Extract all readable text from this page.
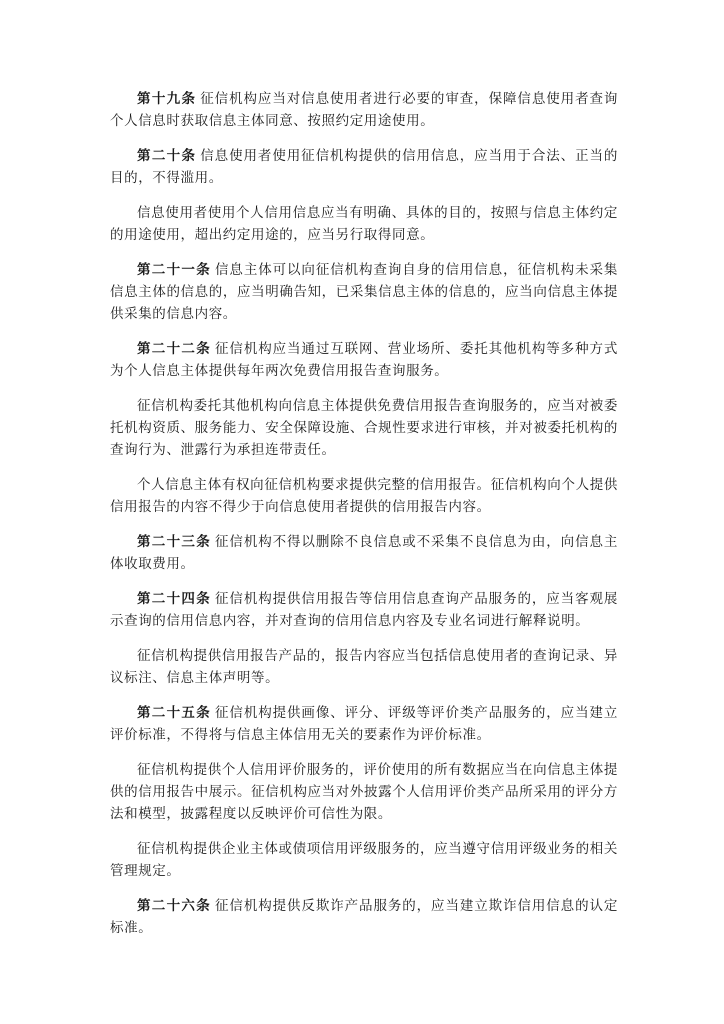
第十九条 征信机构应当对信息使用者进行必要的审查，保障信息使用者查询个人信息时获取信息主体同意、按照约定用途使用。

第二十条 信息使用者使用征信机构提供的信用信息，应当用于合法、正当的目的，不得滥用。

信息使用者使用个人信用信息应当有明确、具体的目的，按照与信息主体约定的用途使用，超出约定用途的，应当另行取得同意。

第二十一条 信息主体可以向征信机构查询自身的信用信息，征信机构未采集信息主体的信息的，应当明确告知，已采集信息主体的信息的，应当向信息主体提供采集的信息内容。

第二十二条 征信机构应当通过互联网、营业场所、委托其他机构等多种方式为个人信息主体提供每年两次免费信用报告查询服务。

征信机构委托其他机构向信息主体提供免费信用报告查询服务的，应当对被委托机构资质、服务能力、安全保障设施、合规性要求进行审核，并对被委托机构的查询行为、泄露行为承担连带责任。

个人信息主体有权向征信机构要求提供完整的信用报告。征信机构向个人提供信用报告的内容不得少于向信息使用者提供的信用报告内容。

第二十三条 征信机构不得以删除不良信息或不采集不良信息为由，向信息主体收取费用。

第二十四条 征信机构提供信用报告等信用信息查询产品服务的，应当客观展示查询的信用信息内容，并对查询的信用信息内容及专业名词进行解释说明。

征信机构提供信用报告产品的，报告内容应当包括信息使用者的查询记录、异议标注、信息主体声明等。

第二十五条 征信机构提供画像、评分、评级等评价类产品服务的，应当建立评价标准，不得将与信息主体信用无关的要素作为评价标准。

征信机构提供个人信用评价服务的，评价使用的所有数据应当在向信息主体提供的信用报告中展示。征信机构应当对外披露个人信用评价类产品所采用的评分方法和模型，披露程度以反映评价可信性为限。

征信机构提供企业主体或债项信用评级服务的，应当遵守信用评级业务的相关管理规定。

第二十六条 征信机构提供反欺诈产品服务的，应当建立欺诈信用信息的认定标准。
